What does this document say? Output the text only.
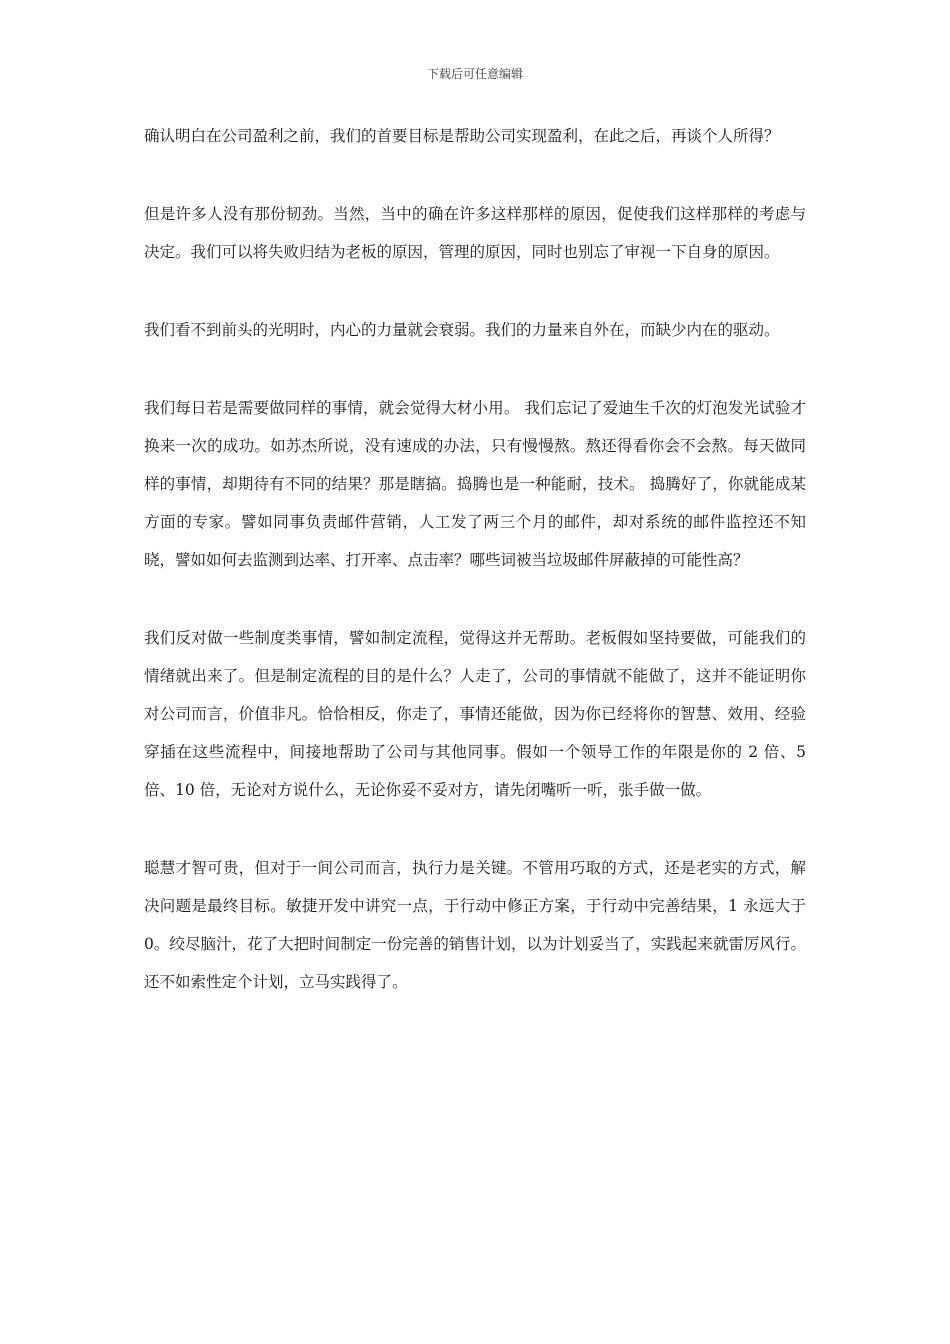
下载后可任意编辑

确认明白在公司盈利之前，我们的首要目标是帮助公司实现盈利，在此之后，再谈个人所得？

但是许多人没有那份韧劲。当然，当中的确在许多这样那样的原因，促使我们这样那样的考虑与决定。我们可以将失败归结为老板的原因，管理的原因，同时也别忘了审视一下自身的原因。

我们看不到前头的光明时，内心的力量就会衰弱。我们的力量来自外在，而缺少内在的驱动。

我们每日若是需要做同样的事情，就会觉得大材小用。 我们忘记了爱迪生千次的灯泡发光试验才换来一次的成功。如苏杰所说，没有速成的办法，只有慢慢熬。熬还得看你会不会熬。每天做同样的事情，却期待有不同的结果？那是瞎搞。捣腾也是一种能耐，技术。 捣腾好了，你就能成某方面的专家。譬如同事负责邮件营销，人工发了两三个月的邮件，却对系统的邮件监控还不知晓，譬如如何去监测到达率、打开率、点击率？哪些词被当垃圾邮件屏蔽掉的可能性高？

我们反对做一些制度类事情，譬如制定流程，觉得这并无帮助。老板假如坚持要做，可能我们的情绪就出来了。但是制定流程的目的是什么？人走了，公司的事情就不能做了，这并不能证明你对公司而言，价值非凡。恰恰相反，你走了，事情还能做，因为你已经将你的智慧、效用、经验穿插在这些流程中，间接地帮助了公司与其他同事。假如一个领导工作的年限是你的 2 倍、5 倍、10 倍，无论对方说什么，无论你妥不妥对方，请先闭嘴听一听，张手做一做。

聪慧才智可贵，但对于一间公司而言，执行力是关键。不管用巧取的方式，还是老实的方式，解决问题是最终目标。敏捷开发中讲究一点，于行动中修正方案，于行动中完善结果，1 永远大于 0。绞尽脑汁，花了大把时间制定一份完善的销售计划，以为计划妥当了，实践起来就雷厉风行。还不如索性定个计划，立马实践得了。
